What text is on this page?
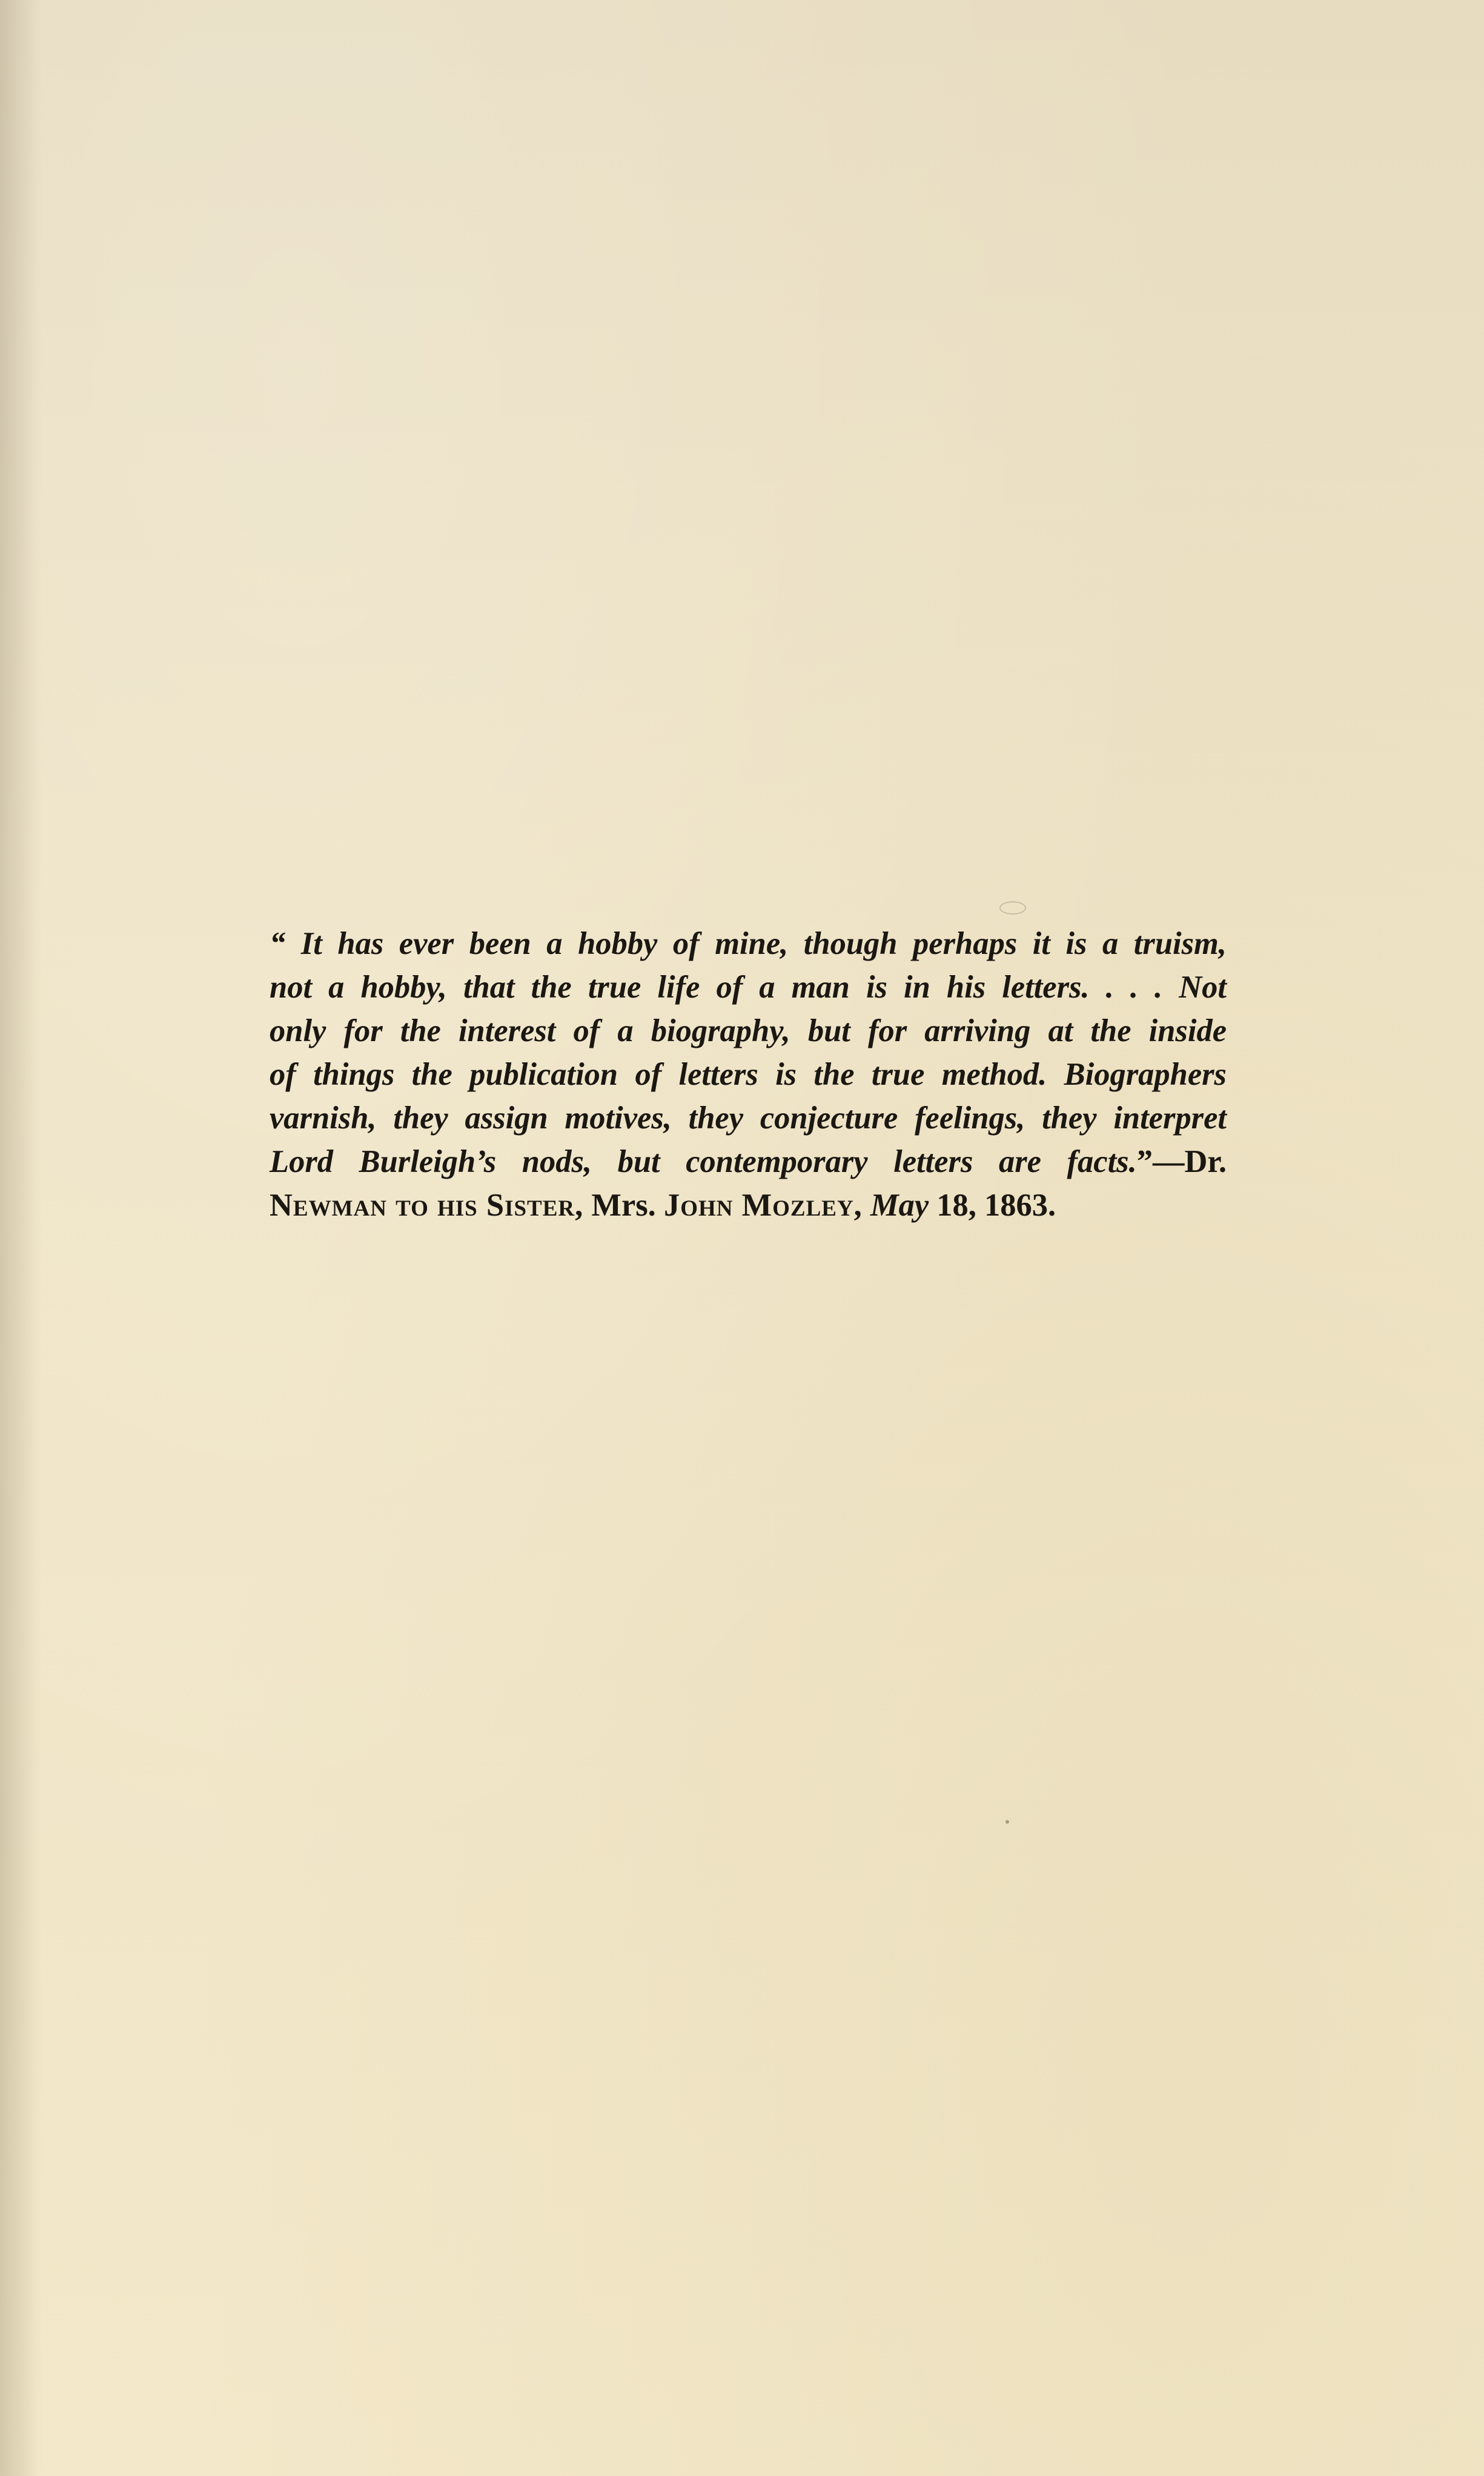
“ It has ever been a hobby of mine, though perhaps it is a truism,
not a hobby, that the true life of a man is in his letters. . . . Not
only for the interest of a biography, but for arriving at the inside
of things the publication of letters is the true method. Biographers
varnish, they assign motives, they conjecture feelings, they interpret
Lord Burleigh’s nods, but contemporary letters are facts.”—Dr.
Newman to his Sister, Mrs. John Mozley, May 18, 1863.
